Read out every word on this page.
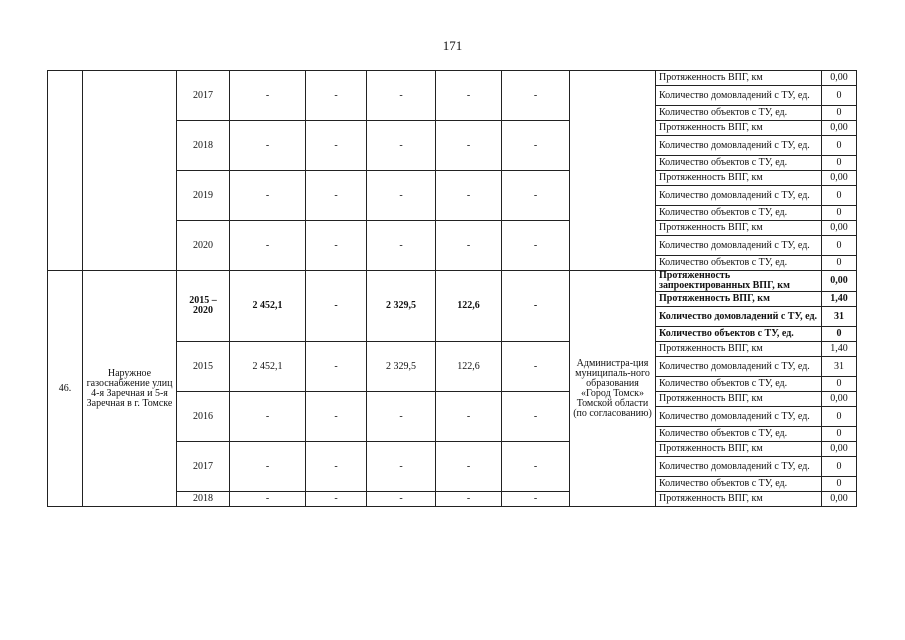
171
		2017	-	-	-	-	-		Протяженность ВПГ, км	0,00
									Количество домовладений с ТУ, ед.	0
									Количество объектов с ТУ, ед.	0
		2018	-	-	-	-	-		Протяженность ВПГ, км	0,00
									Количество домовладений с ТУ, ед.	0
									Количество объектов с ТУ, ед.	0
		2019	-	-	-	-	-		Протяженность ВПГ, км	0,00
									Количество домовладений с ТУ, ед.	0
									Количество объектов с ТУ, ед.	0
		2020	-	-	-	-	-		Протяженность ВПГ, км	0,00
									Количество домовладений с ТУ, ед.	0
									Количество объектов с ТУ, ед.	0
46.	Наружное газоснабжение улиц 4-я Заречная и 5-я Заречная в г. Томске	2015 – 2020	2 452,1	-	2 329,5	122,6	-	Администра-ция муниципаль-ного образования «Город Томск» Томской области (по согласованию)	Протяженность запроектированных ВПГ, км	0,00
									Протяженность ВПГ, км	1,40
									Количество домовладений с ТУ, ед.	31
									Количество объектов с ТУ, ед.	0
		2015	2 452,1	-	2 329,5	122,6	-		Протяженность ВПГ, км	1,40
									Количество домовладений с ТУ, ед.	31
									Количество объектов с ТУ, ед.	0
		2016	-	-	-	-	-		Протяженность ВПГ, км	0,00
									Количество домовладений с ТУ, ед.	0
									Количество объектов с ТУ, ед.	0
		2017	-	-	-	-	-		Протяженность ВПГ, км	0,00
									Количество домовладений с ТУ, ед.	0
									Количество объектов с ТУ, ед.	0
		2018	-	-	-	-	-		Протяженность ВПГ, км	0,00
